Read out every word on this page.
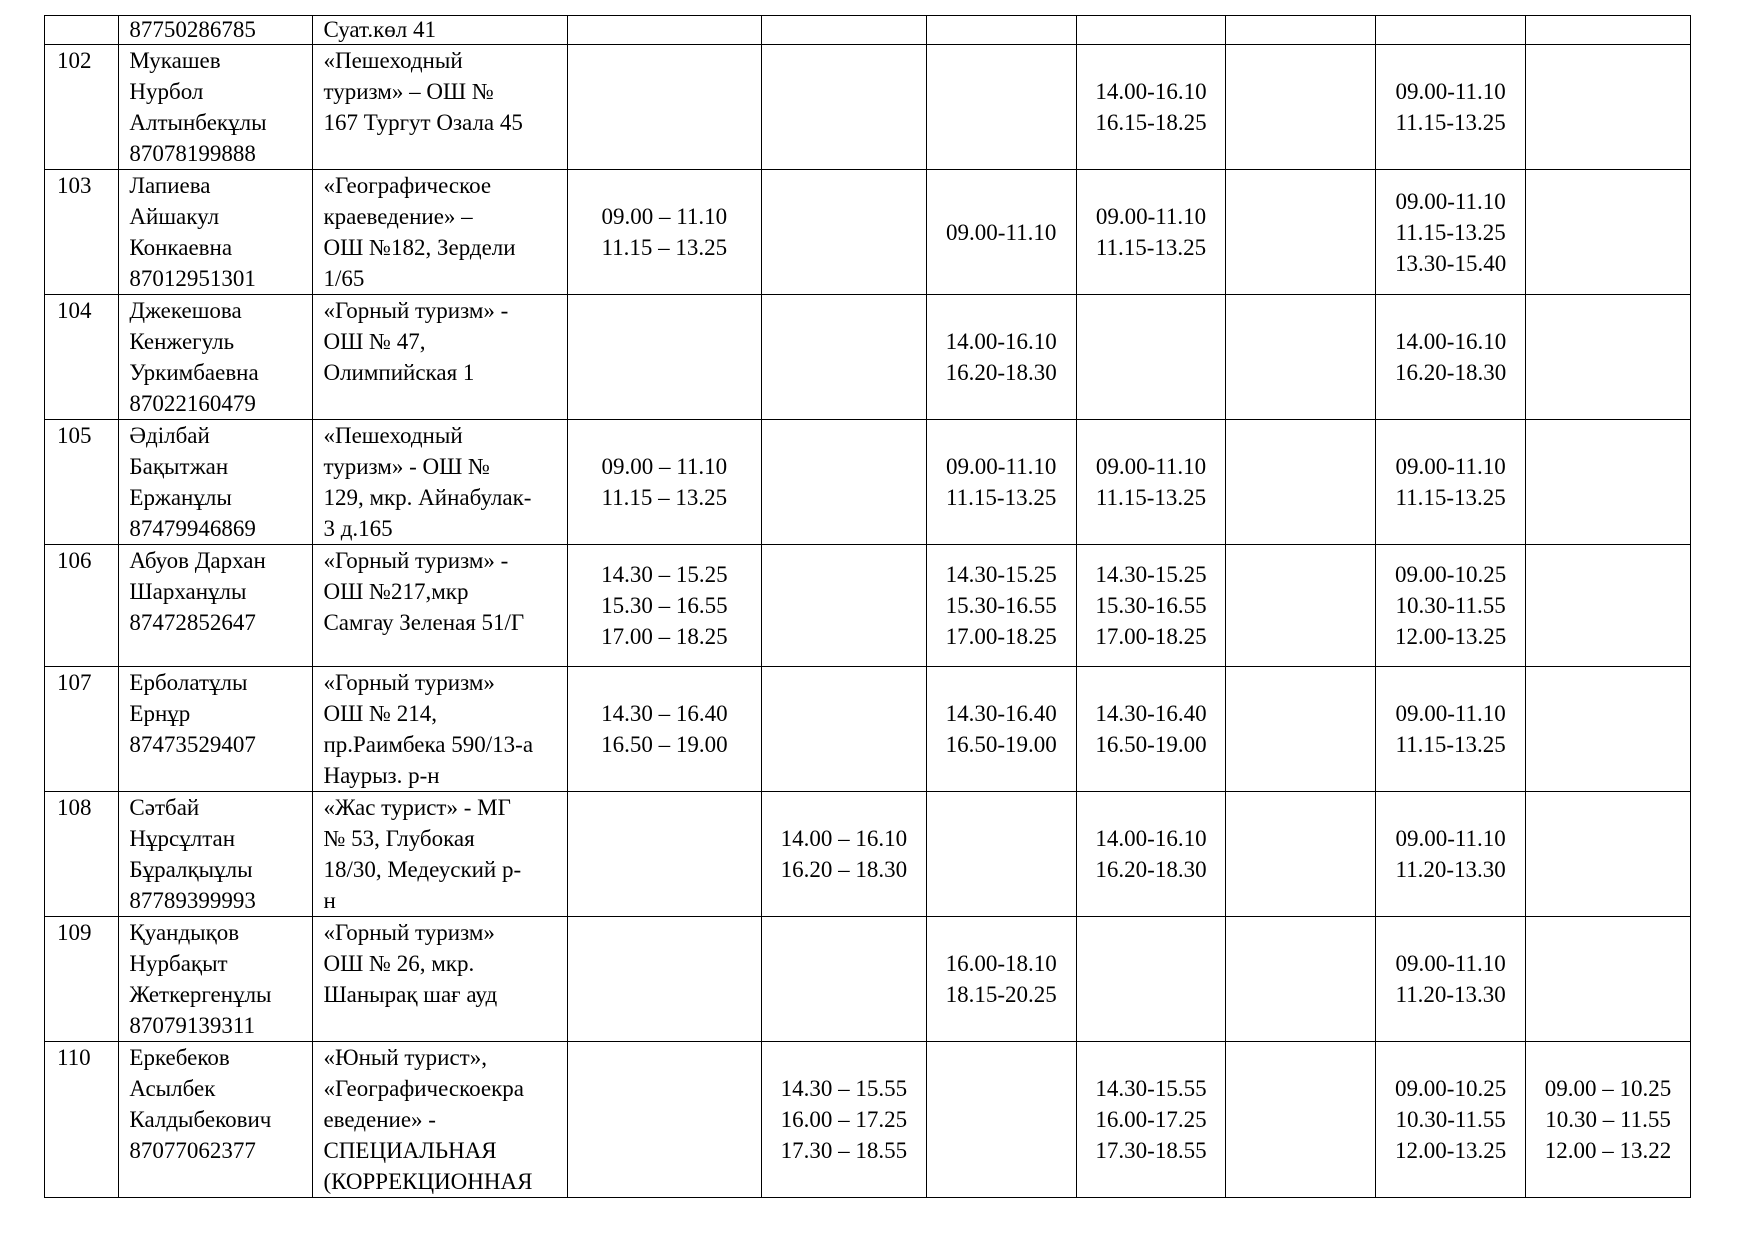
	87750286785	Суат.көл 41							

102	Мукашев
Нурбол
Алтынбекұлы
87078199888	«Пешеходный
туризм» – ОШ №
167 Тургут Озала 45				14.00-16.10
16.15-18.25		09.00-11.10
11.15-13.25	

103	Лапиева
Айшакул
Конкаевна
87012951301	«Географическое
краеведение» –
ОШ №182, Зердели
1/65	09.00 – 11.10
11.15 – 13.25		09.00-11.10	09.00-11.10
11.15-13.25		09.00-11.10
11.15-13.25
13.30-15.40	

104	Джекешова
Кенжегуль
Уркимбаевна
87022160479	«Горный туризм» -
ОШ № 47,
Олимпийская 1			14.00-16.10
16.20-18.30			14.00-16.10
16.20-18.30	

105	Әділбай
Бақытжан
Ержанұлы
87479946869	«Пешеходный
туризм» - ОШ №
129, мкр. Айнабулак-
3 д.165	09.00 – 11.10
11.15 – 13.25		09.00-11.10
11.15-13.25	09.00-11.10
11.15-13.25		09.00-11.10
11.15-13.25	

106	Абуов Дархан
Шарханұлы
87472852647	«Горный туризм» -
ОШ №217,мкр
Самгау Зеленая 51/Г	14.30 – 15.25
15.30 – 16.55
17.00 – 18.25		14.30-15.25
15.30-16.55
17.00-18.25	14.30-15.25
15.30-16.55
17.00-18.25		09.00-10.25
10.30-11.55
12.00-13.25	

107	Ерболатұлы
Ернұр
87473529407	«Горный туризм»
ОШ № 214,
пр.Раимбека 590/13-а
Наурыз. р-н	14.30 – 16.40
16.50 – 19.00		14.30-16.40
16.50-19.00	14.30-16.40
16.50-19.00		09.00-11.10
11.15-13.25	

108	Сәтбай
Нұрсұлтан
Бұралқыұлы
87789399993	«Жас турист» - МГ
№ 53, Глубокая
18/30, Медеуский р-
н		14.00 – 16.10
16.20 – 18.30		14.00-16.10
16.20-18.30		09.00-11.10
11.20-13.30	

109	Қуандықов
Нурбақыт
Жеткергенұлы
87079139311	«Горный туризм»
ОШ № 26, мкр.
Шанырақ шағ ауд			16.00-18.10
18.15-20.25			09.00-11.10
11.20-13.30	

110	Еркебеков
Асылбек
Калдыбекович
87077062377	«Юный турист»,
«Географическоекра
еведение» -
СПЕЦИАЛЬНАЯ
(КОРРЕКЦИОННАЯ		14.30 – 15.55
16.00 – 17.25
17.30 – 18.55		14.30-15.55
16.00-17.25
17.30-18.55		09.00-10.25
10.30-11.55
12.00-13.25	09.00 – 10.25
10.30 – 11.55
12.00 – 13.22
